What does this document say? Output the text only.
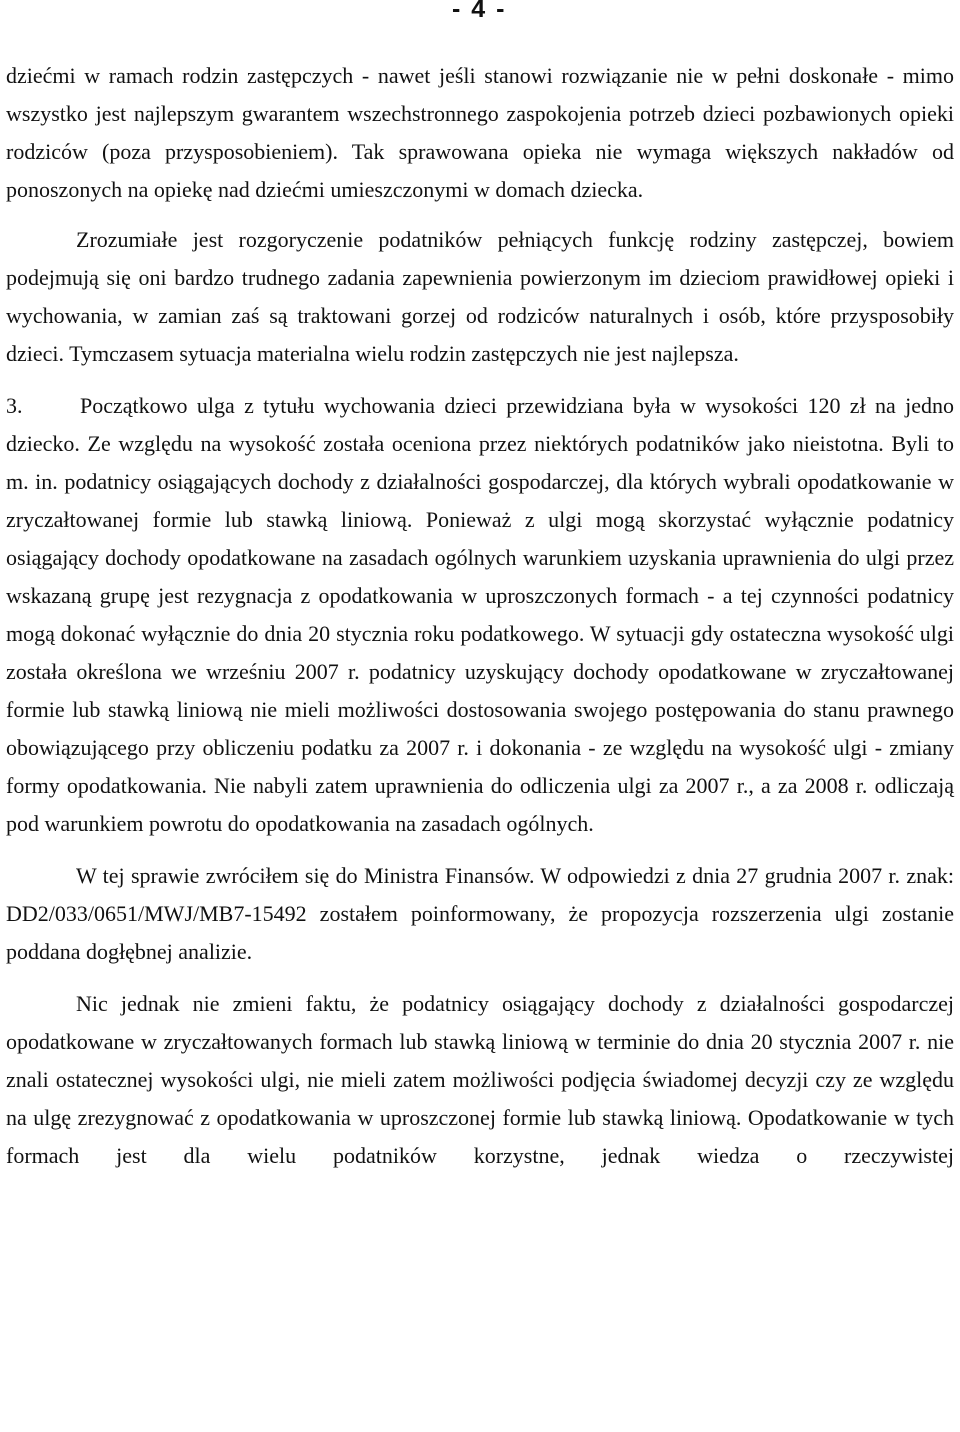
- 4 -

dziećmi w ramach rodzin zastępczych - nawet jeśli stanowi rozwiązanie nie w pełni doskonałe - mimo wszystko jest najlepszym gwarantem wszechstronnego zaspokojenia potrzeb dzieci pozbawionych opieki rodziców (poza przysposobieniem). Tak sprawowana opieka nie wymaga większych nakładów od ponoszonych na opiekę nad dziećmi umieszczonymi w domach dziecka.

Zrozumiałe jest rozgoryczenie podatników pełniących funkcję rodziny zastępczej, bowiem podejmują się oni bardzo trudnego zadania zapewnienia powierzonym im dzieciom prawidłowej opieki i wychowania, w zamian zaś są traktowani gorzej od rodziców naturalnych i osób, które przysposobiły dzieci. Tymczasem sytuacja materialna wielu rodzin zastępczych nie jest najlepsza.

3.	Początkowo ulga z tytułu wychowania dzieci przewidziana była w wysokości 120 zł na jedno dziecko. Ze względu na wysokość została oceniona przez niektórych podatników jako nieistotna. Byli to m. in. podatnicy osiągających dochody z działalności gospodarczej, dla których wybrali opodatkowanie w zryczałtowanej formie lub stawką liniową. Ponieważ z ulgi mogą skorzystać wyłącznie podatnicy osiągający dochody opodatkowane na zasadach ogólnych warunkiem uzyskania uprawnienia do ulgi przez wskazaną grupę jest rezygnacja z opodatkowania w uproszczonych formach - a tej czynności podatnicy mogą dokonać wyłącznie do dnia 20 stycznia roku podatkowego. W sytuacji gdy ostateczna wysokość ulgi została określona we wrześniu 2007 r. podatnicy uzyskujący dochody opodatkowane w zryczałtowanej formie lub stawką liniową nie mieli możliwości dostosowania swojego postępowania do stanu prawnego obowiązującego przy obliczeniu podatku za 2007 r. i dokonania - ze względu na wysokość ulgi - zmiany formy opodatkowania. Nie nabyli zatem uprawnienia do odliczenia ulgi za 2007 r., a za 2008 r. odliczają pod warunkiem powrotu do opodatkowania na zasadach ogólnych.

W tej sprawie zwróciłem się do Ministra Finansów. W odpowiedzi z dnia 27 grudnia 2007 r. znak: DD2/033/0651/MWJ/MB7-15492 zostałem poinformowany, że propozycja rozszerzenia ulgi zostanie poddana dogłębnej analizie.

Nic jednak nie zmieni faktu, że podatnicy osiągający dochody z działalności gospodarczej opodatkowane w zryczałtowanych formach lub stawką liniową w terminie do dnia 20 stycznia 2007 r. nie znali ostatecznej wysokości ulgi, nie mieli zatem możliwości podjęcia świadomej decyzji czy ze względu na ulgę zrezygnować z opodatkowania w uproszczonej formie lub stawką liniową. Opodatkowanie w tych formach jest dla wielu podatników korzystne, jednak wiedza o rzeczywistej
